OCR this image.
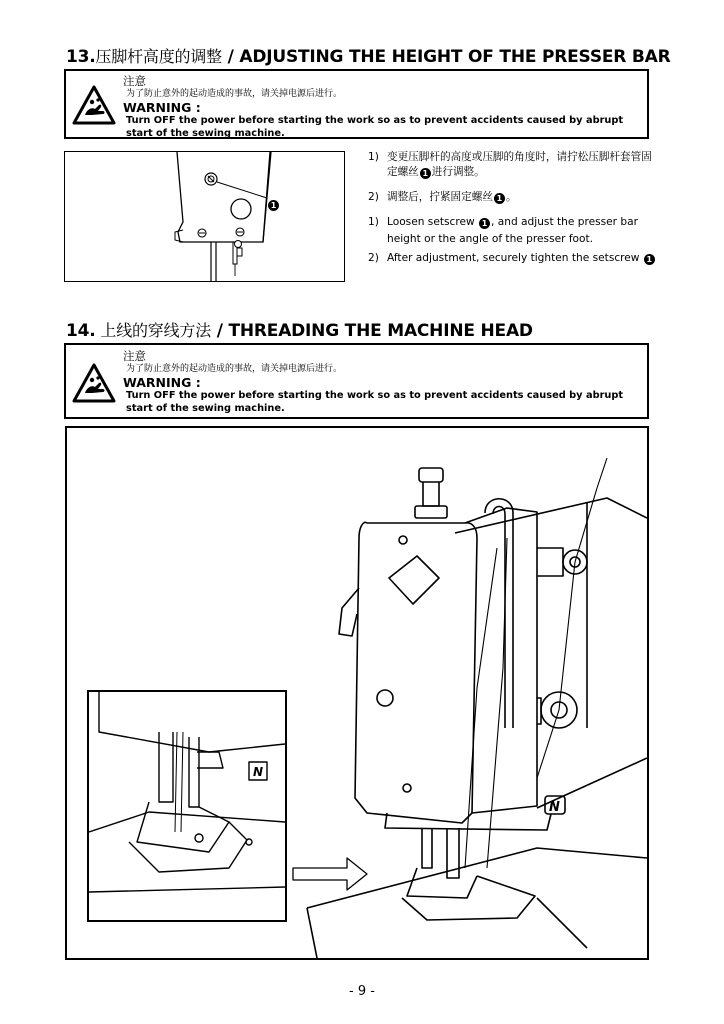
13.压脚杆高度的调整 / ADJUSTING THE HEIGHT OF THE PRESSER BAR
注意
为了防止意外的起动造成的事故，请关掉电源后进行。
WARNING :
Turn OFF the power before starting the work so as to prevent accidents caused by abrupt start of the sewing machine.
1
1) 变更压脚杆的高度或压脚的角度时，请拧松压脚杆套管固定螺丝 1 进行调整。
2) 调整后，拧紧固定螺丝 1 。
1) Loosen setscrew 1 , and adjust the presser bar height or the angle of the presser foot.
2) After adjustment, securely tighten the setscrew 1
14. 上线的穿线方法 / THREADING THE MACHINE HEAD
注意
为了防止意外的起动造成的事故，请关掉电源后进行。
WARNING :
Turn OFF the power before starting the work so as to prevent accidents caused by abrupt start of the sewing machine.
N
N
- 9 -
